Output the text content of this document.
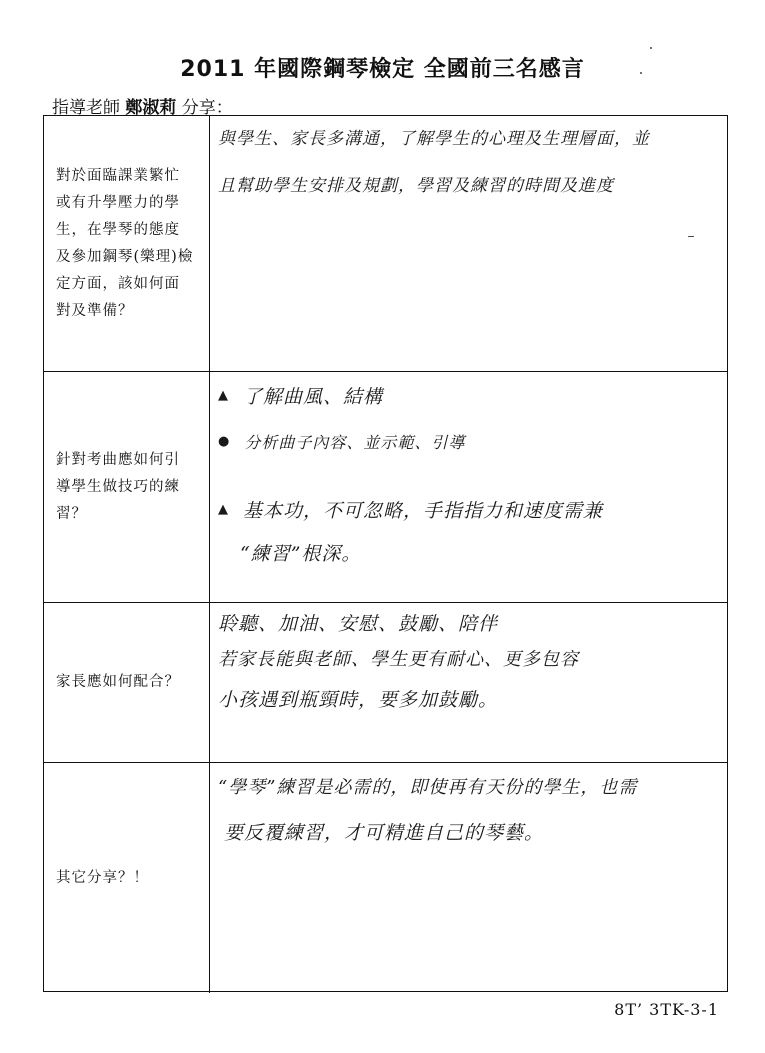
2011 年國際鋼琴檢定 全國前三名感言
指導老師 鄭淑莉 分享：
對於面臨課業繁忙或有升學壓力的學生，在學琴的態度及參加鋼琴(樂理)檢定方面，該如何面對及準備？
與學生、家長多溝通，了解學生的心理及生理層面，並
且幫助學生安排及規劃，學習及練習的時間及進度
針對考曲應如何引導學生做技巧的練習？
▲ 了解曲風、結構
● 分析曲子內容、並示範、引導
▲ 基本功，不可忽略，手指指力和速度需兼
“練習”根深。
家長應如何配合？
聆聽、加油、安慰、鼓勵、陪伴
若家長能與老師、學生更有耐心、更多包容
小孩遇到瓶頸時，要多加鼓勵。
其它分享？！
“學琴”練習是必需的，即使再有天份的學生，也需
要反覆練習，才可精進自己的琴藝。
8T’ 3TK-3-1
